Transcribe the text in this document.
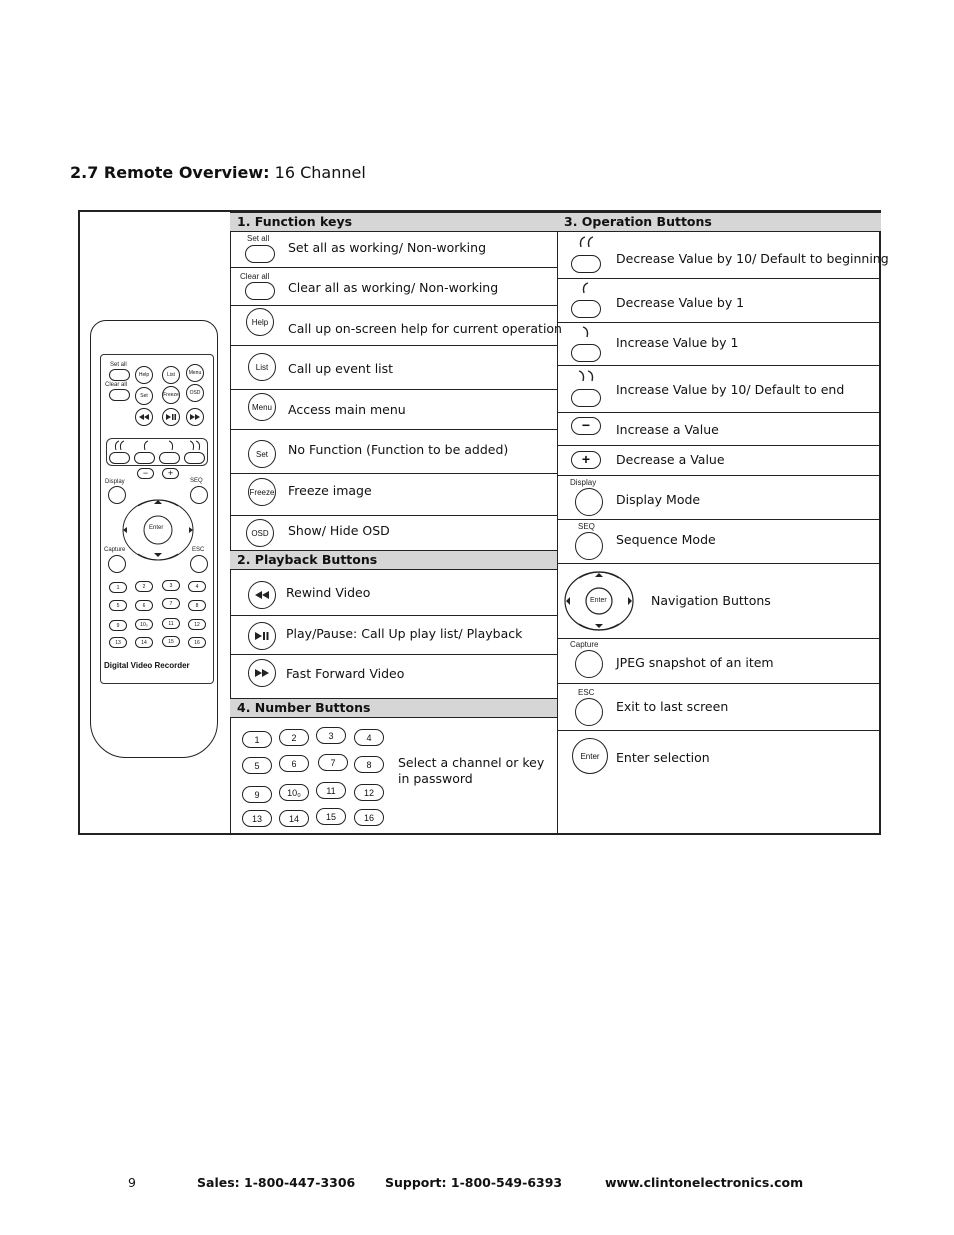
2.7 Remote Overview: 16 Channel
Set all
Clear all
Help	List	Menu
Set	Freeze	OSD
−	+
Display	SEQ
Enter
Capture	ESC
1	2	3	4
5	6	7	8
9	10₀	11	12
13	14	15	16
Digital Video Recorder
1. Function keys
Set all
Set all as working/ Non-working
Clear all
Clear all as working/ Non-working
Help	Call up on-screen help for current operation
List	Call up event list
Menu	Access main menu
Set	No Function (Function to be added)
Freeze Freeze image
OSD	Show/ Hide OSD
2. Playback Buttons
Rewind Video
Play/Pause: Call Up play list/ Playback
Fast Forward Video
4. Number Buttons
1	2	3	4
5	6	7	8
9	10₀	11	12
13	14	15	16
Select a channel or key in password
3. Operation Buttons
Decrease Value by 10/ Default to beginning
Decrease Value by 1
Increase Value by 1
Increase Value by 10/ Default to end
−	Increase a Value
+	Decrease a Value
Display
Display Mode
SEQ
Sequence Mode
Enter	Navigation Buttons
Capture
JPEG snapshot of an item
ESC
Exit to last screen
Enter	Enter selection
9	Sales: 1-800-447-3306 Support: 1-800-549-6393	www.clintonelectronics.com
